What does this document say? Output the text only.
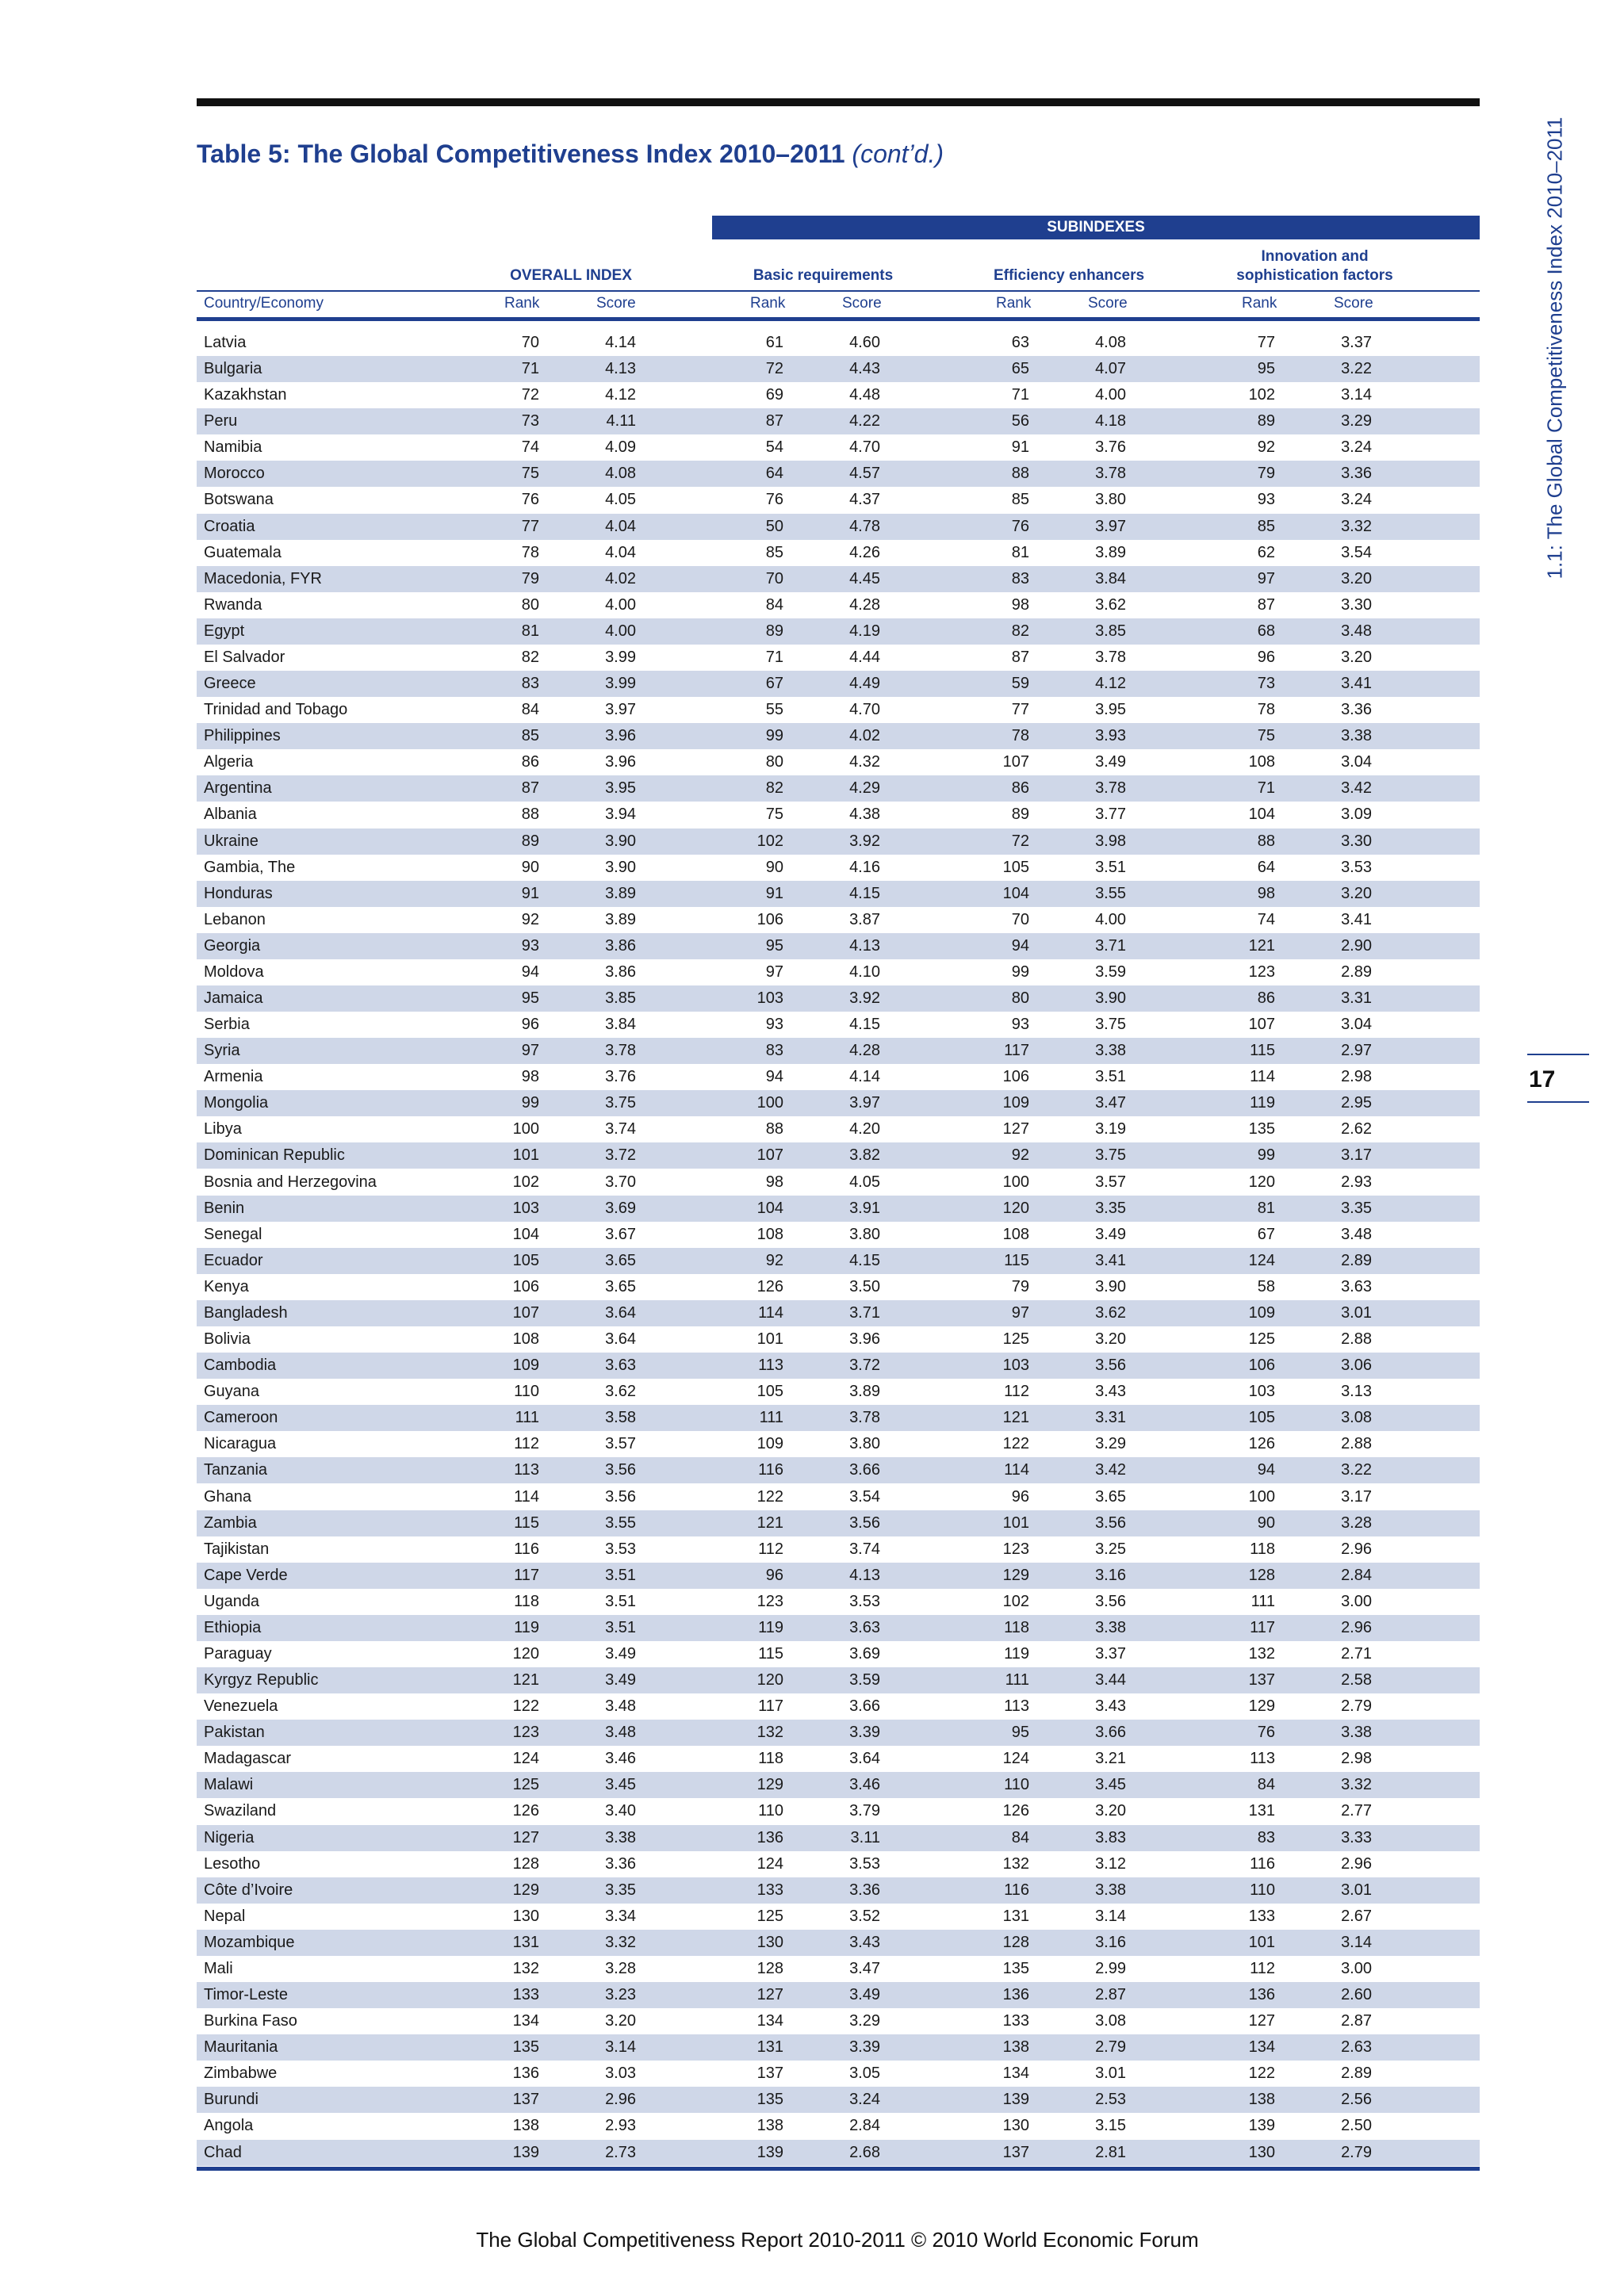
Table 5: The Global Competitiveness Index 2010–2011 (cont’d.)	1.1: The Global Competitiveness Index 2010–2011
17
SUBINDEXES
OVERALL INDEX	Basic requirements	Efficiency enhancers
Innovation and
sophistication factors
Country/Economy	Rank	Score	Rank	Score	Rank	Score	Rank	Score
Latvia	70	4.14	61	4.60	63	4.08	77	3.37
Bulgaria	71	4.13	72	4.43	65	4.07	95	3.22
Kazakhstan	72	4.12	69	4.48	71	4.00	102	3.14
Peru	73	4.11	87	4.22	56	4.18	89	3.29
Namibia	74	4.09	54	4.70	91	3.76	92	3.24
Morocco	75	4.08	64	4.57	88	3.78	79	3.36
Botswana	76	4.05	76	4.37	85	3.80	93	3.24
Croatia	77	4.04	50	4.78	76	3.97	85	3.32
Guatemala	78	4.04	85	4.26	81	3.89	62	3.54
Macedonia, FYR	79	4.02	70	4.45	83	3.84	97	3.20
Rwanda	80	4.00	84	4.28	98	3.62	87	3.30
Egypt	81	4.00	89	4.19	82	3.85	68	3.48
El Salvador	82	3.99	71	4.44	87	3.78	96	3.20
Greece	83	3.99	67	4.49	59	4.12	73	3.41
Trinidad and Tobago	84	3.97	55	4.70	77	3.95	78	3.36
Philippines	85	3.96	99	4.02	78	3.93	75	3.38
Algeria	86	3.96	80	4.32	107	3.49	108	3.04
Argentina	87	3.95	82	4.29	86	3.78	71	3.42
Albania	88	3.94	75	4.38	89	3.77	104	3.09
Ukraine	89	3.90	102	3.92	72	3.98	88	3.30
Gambia, The	90	3.90	90	4.16	105	3.51	64	3.53
Honduras	91	3.89	91	4.15	104	3.55	98	3.20
Lebanon	92	3.89	106	3.87	70	4.00	74	3.41
Georgia	93	3.86	95	4.13	94	3.71	121	2.90
Moldova	94	3.86	97	4.10	99	3.59	123	2.89
Jamaica	95	3.85	103	3.92	80	3.90	86	3.31
Serbia	96	3.84	93	4.15	93	3.75	107	3.04
Syria	97	3.78	83	4.28	117	3.38	115	2.97
Armenia	98	3.76	94	4.14	106	3.51	114	2.98
Mongolia	99	3.75	100	3.97	109	3.47	119	2.95
Libya	100	3.74	88	4.20	127	3.19	135	2.62
Dominican Republic	101	3.72	107	3.82	92	3.75	99	3.17
Bosnia and Herzegovina	102	3.70	98	4.05	100	3.57	120	2.93
Benin	103	3.69	104	3.91	120	3.35	81	3.35
Senegal	104	3.67	108	3.80	108	3.49	67	3.48
Ecuador	105	3.65	92	4.15	115	3.41	124	2.89
Kenya	106	3.65	126	3.50	79	3.90	58	3.63
Bangladesh	107	3.64	114	3.71	97	3.62	109	3.01
Bolivia	108	3.64	101	3.96	125	3.20	125	2.88
Cambodia	109	3.63	113	3.72	103	3.56	106	3.06
Guyana	110	3.62	105	3.89	112	3.43	103	3.13
Cameroon	111	3.58	111	3.78	121	3.31	105	3.08
Nicaragua	112	3.57	109	3.80	122	3.29	126	2.88
Tanzania	113	3.56	116	3.66	114	3.42	94	3.22
Ghana	114	3.56	122	3.54	96	3.65	100	3.17
Zambia	115	3.55	121	3.56	101	3.56	90	3.28
Tajikistan	116	3.53	112	3.74	123	3.25	118	2.96
Cape Verde	117	3.51	96	4.13	129	3.16	128	2.84
Uganda	118	3.51	123	3.53	102	3.56	111	3.00
Ethiopia	119	3.51	119	3.63	118	3.38	117	2.96
Paraguay	120	3.49	115	3.69	119	3.37	132	2.71
Kyrgyz Republic	121	3.49	120	3.59	111	3.44	137	2.58
Venezuela	122	3.48	117	3.66	113	3.43	129	2.79
Pakistan	123	3.48	132	3.39	95	3.66	76	3.38
Madagascar	124	3.46	118	3.64	124	3.21	113	2.98
Malawi	125	3.45	129	3.46	110	3.45	84	3.32
Swaziland	126	3.40	110	3.79	126	3.20	131	2.77
Nigeria	127	3.38	136	3.11	84	3.83	83	3.33
Lesotho	128	3.36	124	3.53	132	3.12	116	2.96
Côte d’Ivoire	129	3.35	133	3.36	116	3.38	110	3.01
Nepal	130	3.34	125	3.52	131	3.14	133	2.67
Mozambique	131	3.32	130	3.43	128	3.16	101	3.14
Mali	132	3.28	128	3.47	135	2.99	112	3.00
Timor-Leste	133	3.23	127	3.49	136	2.87	136	2.60
Burkina Faso	134	3.20	134	3.29	133	3.08	127	2.87
Mauritania	135	3.14	131	3.39	138	2.79	134	2.63
Zimbabwe	136	3.03	137	3.05	134	3.01	122	2.89
Burundi	137	2.96	135	3.24	139	2.53	138	2.56
Angola	138	2.93	138	2.84	130	3.15	139	2.50
Chad	139	2.73	139	2.68	137	2.81	130	2.79
The Global Competitiveness Report 2010-2011 © 2010 World Economic Forum
